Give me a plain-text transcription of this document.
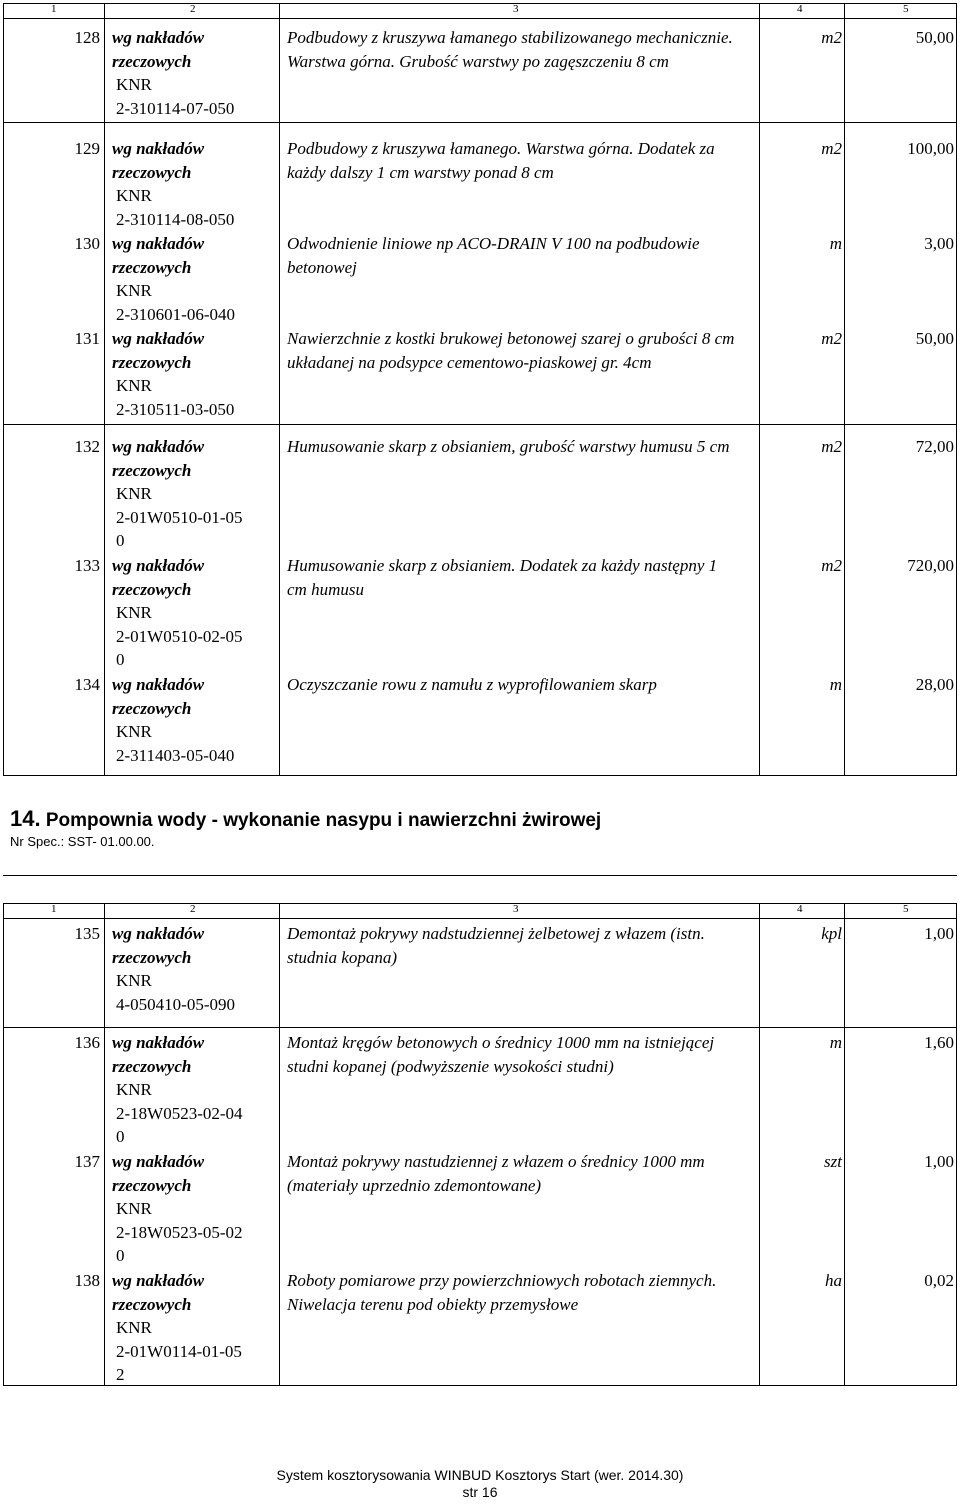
1	2	3	4	5
128 wg nakładów
rzeczowych
KNR
2-310114-07-050
Podbudowy z kruszywa łamanego stabilizowanego mechanicznie. Warstwa górna. Grubość warstwy po zagęszczeniu 8 cm
m2	50,00
129 wg nakładów
rzeczowych
KNR
2-310114-08-050
Podbudowy z kruszywa łamanego. Warstwa górna. Dodatek za każdy dalszy 1 cm warstwy ponad 8 cm
m2	100,00
130 wg nakładów
rzeczowych
KNR
2-310601-06-040
Odwodnienie liniowe np ACO-DRAIN V 100 na podbudowie betonowej
m	3,00
131 wg nakładów
rzeczowych
KNR
2-310511-03-050
Nawierzchnie z kostki brukowej betonowej szarej o grubości 8 cm układanej na podsypce cementowo-piaskowej gr. 4cm
m2	50,00
132 wg nakładów
rzeczowych
KNR
2-01W0510-01-05
0
Humusowanie skarp z obsianiem, grubość warstwy humusu 5 cm	m2	72,00
133 wg nakładów
rzeczowych
KNR
2-01W0510-02-05
0
Humusowanie skarp z obsianiem. Dodatek za każdy następny 1 cm humusu
m2	720,00
134 wg nakładów
rzeczowych
KNR
2-311403-05-040
Oczyszczanie rowu z namułu z wyprofilowaniem skarp	m	28,00
14. Pompownia wody - wykonanie nasypu i nawierzchni żwirowej
Nr Spec.: SST- 01.00.00.
1	2	3	4	5
135 wg nakładów
rzeczowych
KNR
4-050410-05-090
Demontaż pokrywy nadstudziennej żelbetowej z włazem (istn. studnia kopana)
kpl	1,00
136 wg nakładów
rzeczowych
KNR
2-18W0523-02-04
0
Montaż kręgów betonowych o średnicy 1000 mm na istniejącej studni kopanej (podwyższenie wysokości studni)
m	1,60
137 wg nakładów
rzeczowych
KNR
2-18W0523-05-02
0
Montaż pokrywy nastudziennej z włazem o średnicy 1000 mm (materiały uprzednio zdemontowane)
szt	1,00
138 wg nakładów
rzeczowych
KNR
2-01W0114-01-05
2
Roboty pomiarowe przy powierzchniowych robotach ziemnych. Niwelacja terenu pod obiekty przemysłowe
ha	0,02
System kosztorysowania WINBUD Kosztorys Start (wer. 2014.30)
str 16
